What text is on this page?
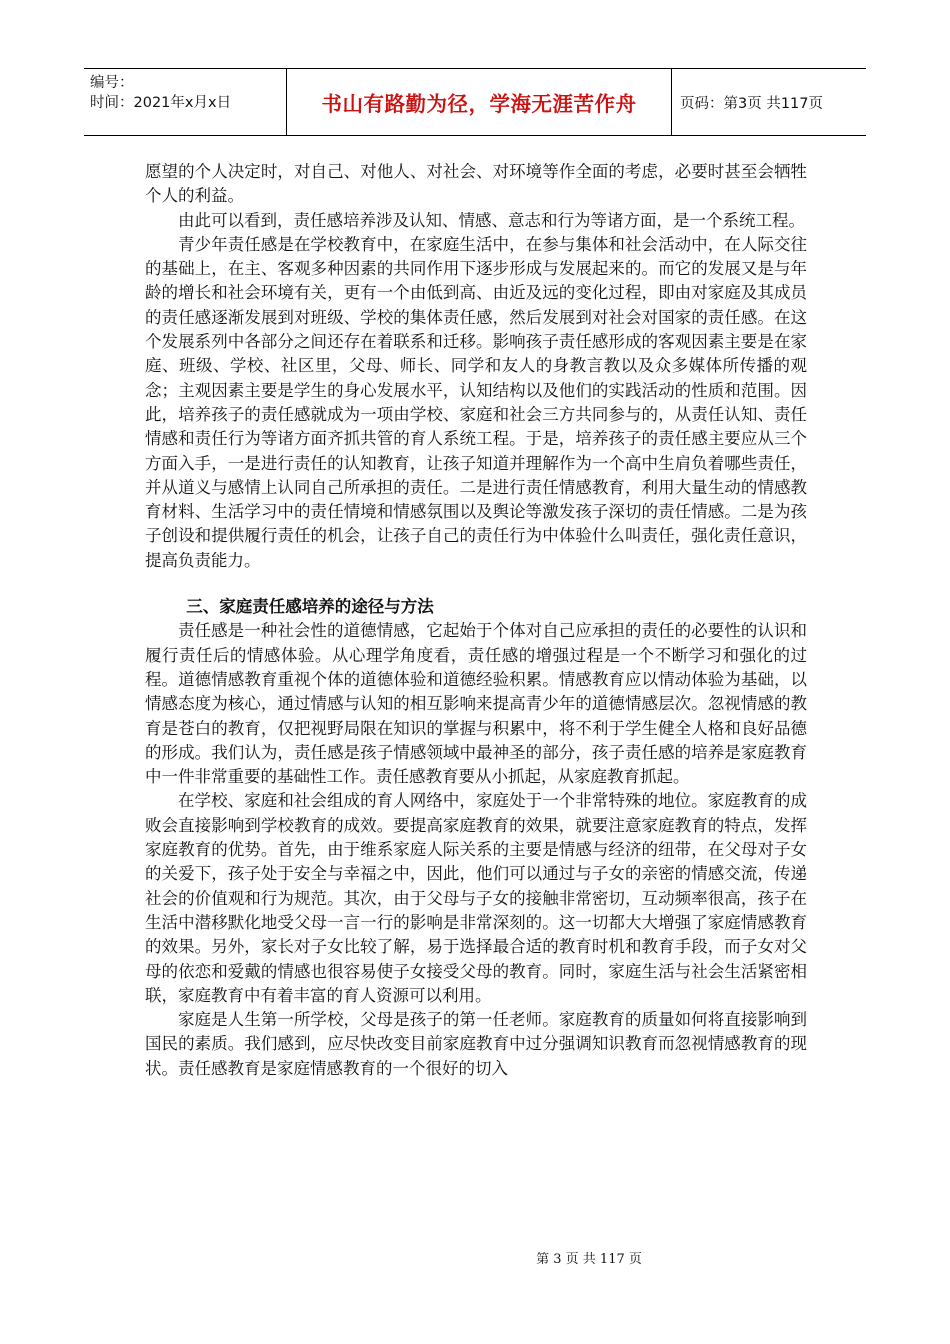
编号：
时间：2021年x月x日	书山有路勤为径，学海无涯苦作舟	页码：第3页 共117页

愿望的个人决定时，对自己、对他人、对社会、对环境等作全面的考虑，必要时甚至会牺牲个人的利益。

由此可以看到，责任感培养涉及认知、情感、意志和行为等诸方面，是一个系统工程。

青少年责任感是在学校教育中，在家庭生活中，在参与集体和社会活动中，在人际交往的基础上，在主、客观多种因素的共同作用下逐步形成与发展起来的。而它的发展又是与年龄的增长和社会环境有关，更有一个由低到高、由近及远的变化过程，即由对家庭及其成员的责任感逐渐发展到对班级、学校的集体责任感，然后发展到对社会对国家的责任感。在这个发展系列中各部分之间还存在着联系和迁移。影响孩子责任感形成的客观因素主要是在家庭、班级、学校、社区里，父母、师长、同学和友人的身教言教以及众多媒体所传播的观念；主观因素主要是学生的身心发展水平，认知结构以及他们的实践活动的性质和范围。因此，培养孩子的责任感就成为一项由学校、家庭和社会三方共同参与的，从责任认知、责任情感和责任行为等诸方面齐抓共管的育人系统工程。于是，培养孩子的责任感主要应从三个方面入手，一是进行责任的认知教育，让孩子知道并理解作为一个高中生肩负着哪些责任，并从道义与感情上认同自己所承担的责任。二是进行责任情感教育，利用大量生动的情感教育材料、生活学习中的责任情境和情感氛围以及舆论等激发孩子深切的责任情感。二是为孩子创设和提供履行责任的机会，让孩子自己的责任行为中体验什么叫责任，强化责任意识，提高负责能力。

三、家庭责任感培养的途径与方法

责任感是一种社会性的道德情感，它起始于个体对自己应承担的责任的必要性的认识和履行责任后的情感体验。从心理学角度看，责任感的增强过程是一个不断学习和强化的过程。道德情感教育重视个体的道德体验和道德经验积累。情感教育应以情动体验为基础，以情感态度为核心，通过情感与认知的相互影响来提高青少年的道德情感层次。忽视情感的教育是苍白的教育，仅把视野局限在知识的掌握与积累中，将不利于学生健全人格和良好品德的形成。我们认为，责任感是孩子情感领域中最神圣的部分，孩子责任感的培养是家庭教育中一件非常重要的基础性工作。责任感教育要从小抓起，从家庭教育抓起。

在学校、家庭和社会组成的育人网络中，家庭处于一个非常特殊的地位。家庭教育的成败会直接影响到学校教育的成效。要提高家庭教育的效果，就要注意家庭教育的特点，发挥家庭教育的优势。首先，由于维系家庭人际关系的主要是情感与经济的纽带，在父母对子女的关爱下，孩子处于安全与幸福之中，因此，他们可以通过与子女的亲密的情感交流，传递社会的价值观和行为规范。其次，由于父母与子女的接触非常密切，互动频率很高，孩子在生活中潜移默化地受父母一言一行的影响是非常深刻的。这一切都大大增强了家庭情感教育的效果。另外，家长对子女比较了解，易于选择最合适的教育时机和教育手段，而子女对父母的依恋和爱戴的情感也很容易使子女接受父母的教育。同时，家庭生活与社会生活紧密相联，家庭教育中有着丰富的育人资源可以利用。

家庭是人生第一所学校，父母是孩子的第一任老师。家庭教育的质量如何将直接影响到国民的素质。我们感到，应尽快改变目前家庭教育中过分强调知识教育而忽视情感教育的现状。责任感教育是家庭情感教育的一个很好的切入

第 3 页 共 117 页
